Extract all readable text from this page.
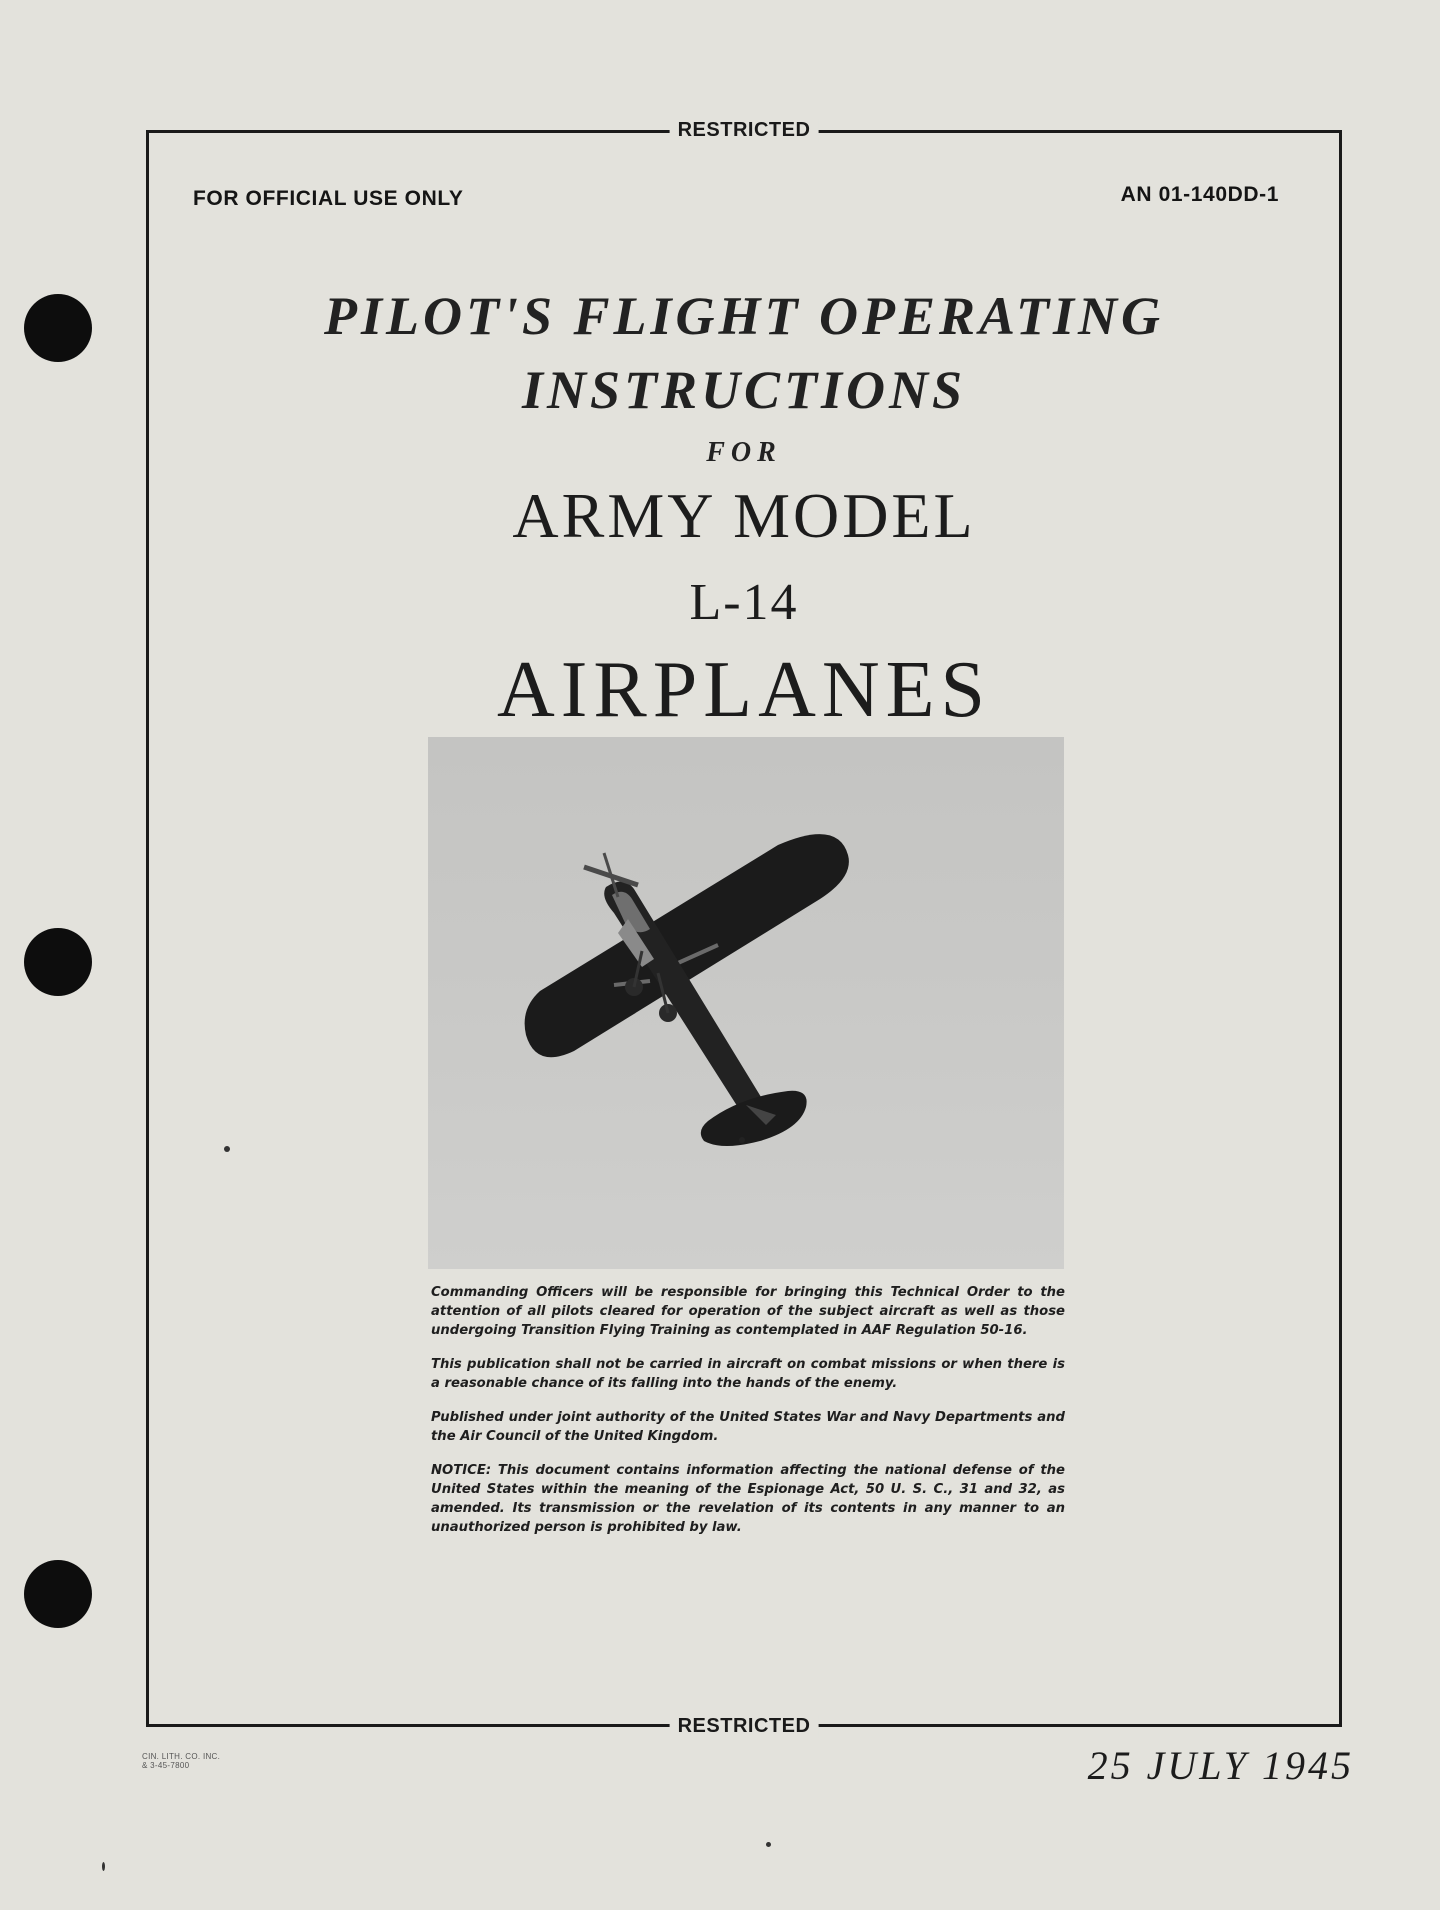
RESTRICTED
FOR OFFICIAL USE ONLY	AN 01-140DD-1
PILOT'S FLIGHT OPERATING
INSTRUCTIONS
FOR
ARMY MODEL
L-14
AIRPLANES

Commanding Officers will be responsible for bringing this Technical Order to the attention of all pilots cleared for operation of the subject aircraft as well as those undergoing Transition Flying Training as contemplated in AAF Regulation 50-16.

This publication shall not be carried in aircraft on combat missions or when there is a reasonable chance of its falling into the hands of the enemy.

Published under joint authority of the United States War and Navy Departments and the Air Council of the United Kingdom.

NOTICE: This document contains information affecting the national defense of the United States within the meaning of the Espionage Act, 50 U. S. C., 31 and 32, as amended. Its transmission or the revelation of its contents in any manner to an unauthorized person is prohibited by law.

RESTRICTED
CIN. LITH. CO. INC.
& 3-45-7800	25 JULY 1945
